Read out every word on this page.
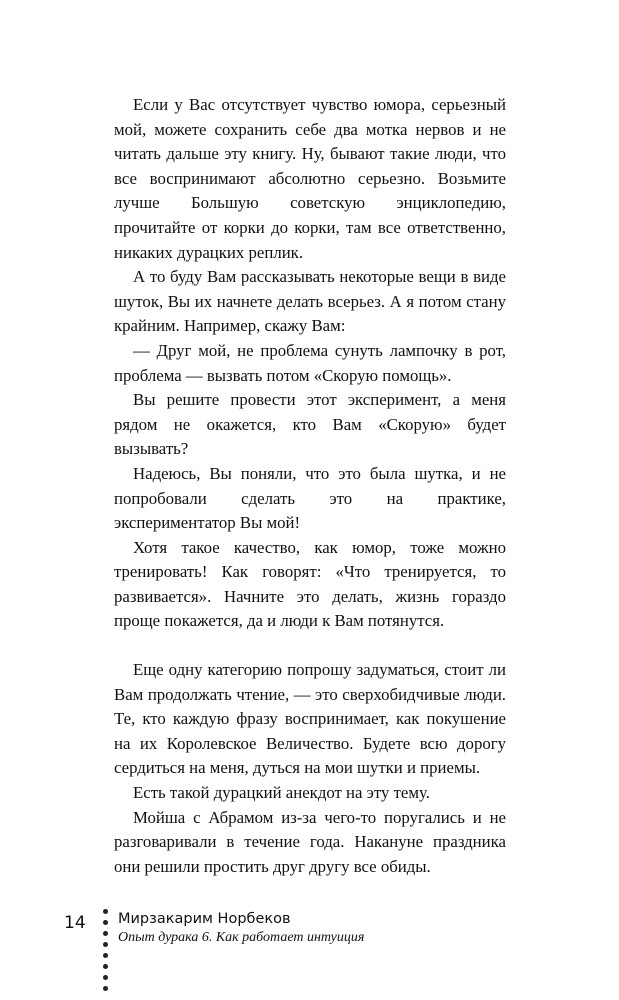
Если у Вас отсутствует чувство юмора, серьезный мой, можете сохранить себе два мотка нервов и не читать дальше эту книгу. Ну, бывают такие люди, что все воспринимают абсолютно серьезно. Возьмите лучше Большую советскую энциклопедию, прочитайте от корки до корки, там все ответственно, никаких дурацких реплик.

А то буду Вам рассказывать некоторые вещи в виде шуток, Вы их начнете делать всерьез. А я потом стану крайним. Например, скажу Вам:

— Друг мой, не проблема сунуть лампочку в рот, проблема — вызвать потом «Скорую помощь».

Вы решите провести этот эксперимент, а меня рядом не окажется, кто Вам «Скорую» будет вызывать?

Надеюсь, Вы поняли, что это была шутка, и не попробовали сделать это на практике, экспериментатор Вы мой!

Хотя такое качество, как юмор, тоже можно тренировать! Как говорят: «Что тренируется, то развивается». Начните это делать, жизнь гораздо проще покажется, да и люди к Вам потянутся.

Еще одну категорию попрошу задуматься, стоит ли Вам продолжать чтение, — это сверхобидчивые люди. Те, кто каждую фразу воспринимает, как покушение на их Королевское Величество. Будете всю дорогу сердиться на меня, дуться на мои шутки и приемы.

Есть такой дурацкий анекдот на эту тему.

Мойша с Абрамом из-за чего-то поругались и не разговаривали в течение года. Накануне праздника они решили простить друг другу все обиды.

14 Мирзакарим Норбеков
Опыт дурака 6. Как работает интуиция
